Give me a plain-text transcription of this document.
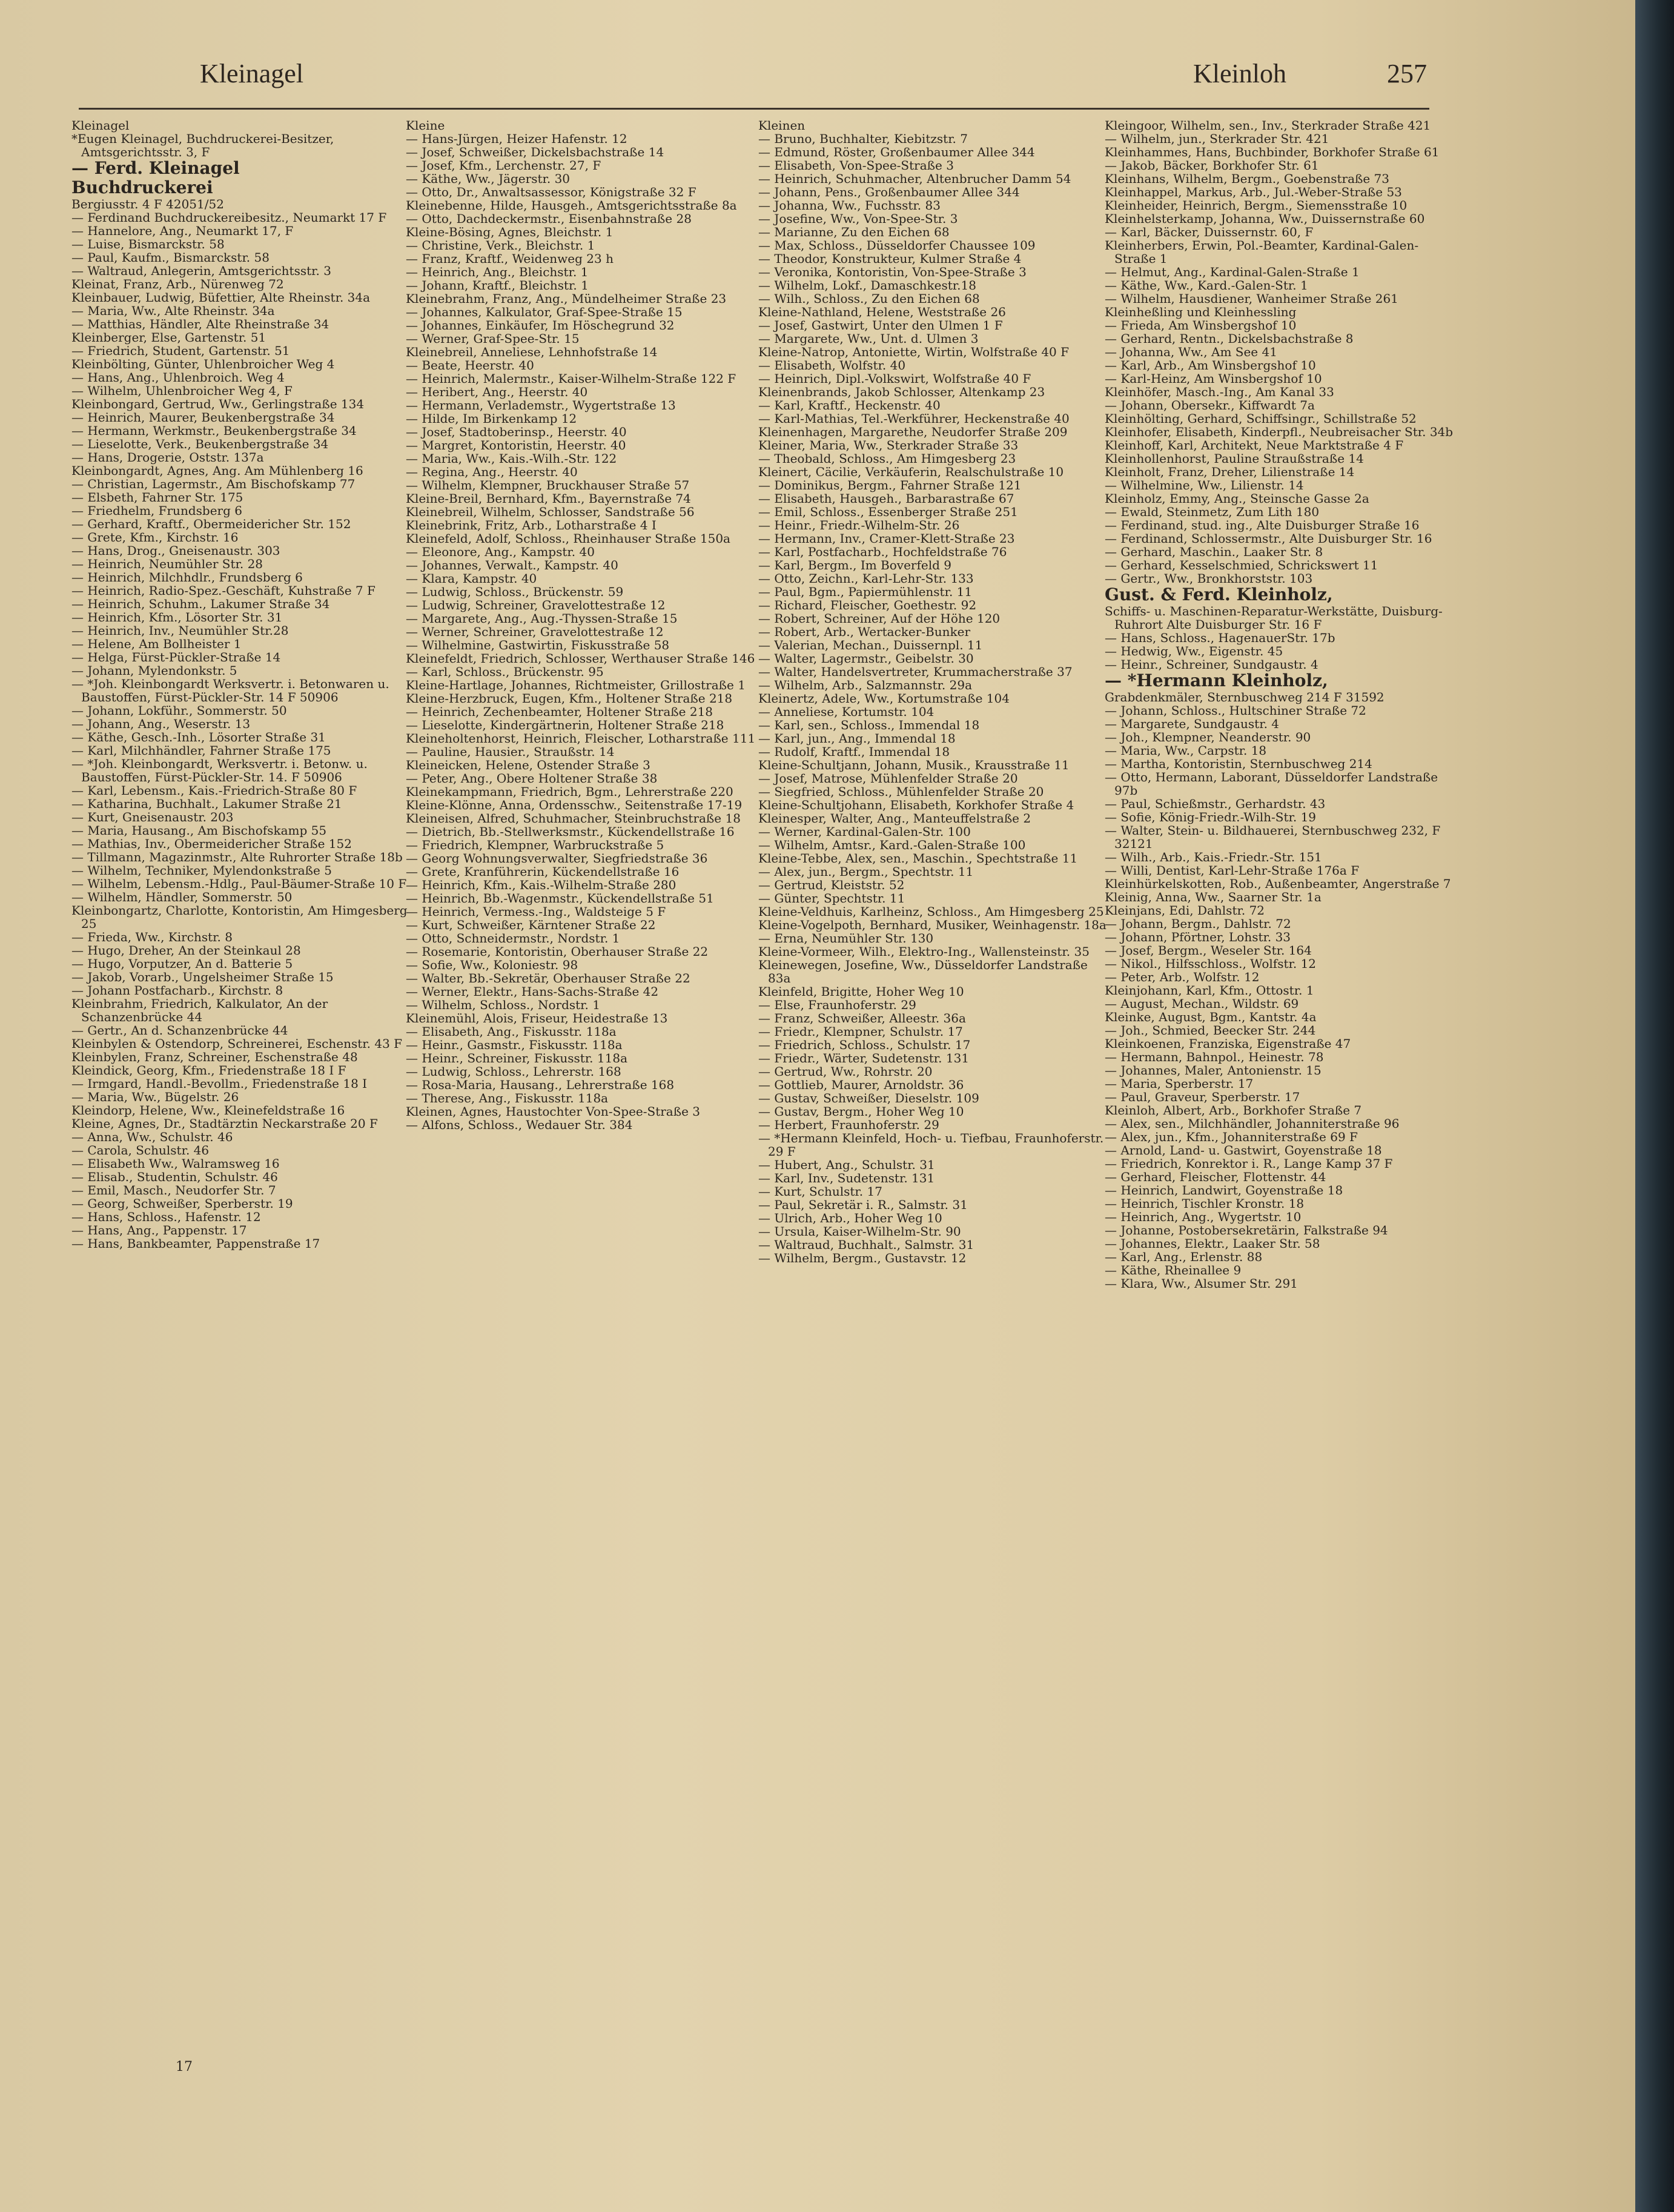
Kleinagel	Kleinloh	257

Kleinagel

*Eugen Kleinagel, Buchdruckerei-Besitzer, Amtsgerichtsstr. 3, F

— Ferd. Kleinagel

Buchdruckerei

Bergiusstr. 4 F 42051/52

— Ferdinand Buchdruckereibesitz., Neumarkt 17 F

— Hannelore, Ang., Neumarkt 17, F

— Luise, Bismarckstr. 58

— Paul, Kaufm., Bismarckstr. 58

— Waltraud, Anlegerin, Amtsgerichtsstr. 3

Kleinat, Franz, Arb., Nürenweg 72

Kleinbauer, Ludwig, Büfettier, Alte Rheinstr. 34a

— Maria, Ww., Alte Rheinstr. 34a

— Matthias, Händler, Alte Rheinstraße 34

Kleinberger, Else, Gartenstr. 51

— Friedrich, Student, Gartenstr. 51

Kleinbölting, Günter, Uhlenbroicher Weg 4

— Hans, Ang., Uhlenbroich. Weg 4

— Wilhelm, Uhlenbroicher Weg 4, F

Kleinbongard, Gertrud, Ww., Gerlingstraße 134

— Heinrich, Maurer, Beukenbergstraße 34

— Hermann, Werkmstr., Beukenbergstraße 34

— Lieselotte, Verk., Beukenbergstraße 34

— Hans, Drogerie, Oststr. 137a

Kleinbongardt, Agnes, Ang. Am Mühlenberg 16

— Christian, Lagermstr., Am Bischofskamp 77

— Elsbeth, Fahrner Str. 175

— Friedhelm, Frundsberg 6

— Gerhard, Kraftf., Obermeidericher Str. 152

— Grete, Kfm., Kirchstr. 16

— Hans, Drog., Gneisenaustr. 303

— Heinrich, Neumühler Str. 28

— Heinrich, Milchhdlr., Frundsberg 6

— Heinrich, Radio-Spez.-Geschäft, Kuhstraße 7 F

— Heinrich, Schuhm., Lakumer Straße 34

— Heinrich, Kfm., Lösorter Str. 31

— Heinrich, Inv., Neumühler Str.28

— Helene, Am Bollheister 1

— Helga, Fürst-Pückler-Straße 14

— Johann, Mylendonkstr. 5

— *Joh. Kleinbongardt Werksvertr. i. Betonwaren u. Baustoffen, Fürst-Pückler-Str. 14 F 50906

— Johann, Lokführ., Sommerstr. 50

— Johann, Ang., Weserstr. 13

— Käthe, Gesch.-Inh., Lösorter Straße 31

— Karl, Milchhändler, Fahrner Straße 175

— *Joh. Kleinbongardt, Werksvertr. i. Betonw. u. Baustoffen, Fürst-Pückler-Str. 14. F 50906

— Karl, Lebensm., Kais.-Friedrich-Straße 80 F

— Katharina, Buchhalt., Lakumer Straße 21

— Kurt, Gneisenaustr. 203

— Maria, Hausang., Am Bischofskamp 55

— Mathias, Inv., Obermeidericher Straße 152

— Tillmann, Magazinmstr., Alte Ruhrorter Straße 18b

— Wilhelm, Techniker, Mylendonkstraße 5

— Wilhelm, Lebensm.-Hdlg., Paul-Bäumer-Straße 10 F

— Wilhelm, Händler, Sommerstr. 50

Kleinbongartz, Charlotte, Kontoristin, Am Himgesberg 25

— Frieda, Ww., Kirchstr. 8

— Hugo, Dreher, An der Steinkaul 28

— Hugo, Vorputzer, An d. Batterie 5

— Jakob, Vorarb., Ungelsheimer Straße 15

— Johann Postfacharb., Kirchstr. 8

Kleinbrahm, Friedrich, Kalkulator, An der Schanzenbrücke 44

— Gertr., An d. Schanzenbrücke 44

Kleinbylen & Ostendorp, Schreinerei, Eschenstr. 43 F

Kleinbylen, Franz, Schreiner, Eschenstraße 48

Kleindick, Georg, Kfm., Friedenstraße 18 I F

— Irmgard, Handl.-Bevollm., Friedenstraße 18 I

— Maria, Ww., Bügelstr. 26

Kleindorp, Helene, Ww., Kleinefeldstraße 16

Kleine, Agnes, Dr., Stadtärztin Neckarstraße 20 F

— Anna, Ww., Schulstr. 46

— Carola, Schulstr. 46

— Elisabeth Ww., Walramsweg 16

— Elisab., Studentin, Schulstr. 46

— Emil, Masch., Neudorfer Str. 7

— Georg, Schweißer, Sperberstr. 19

— Hans, Schloss., Hafenstr. 12

— Hans, Ang., Pappenstr. 17

— Hans, Bankbeamter, Pappenstraße 17

Kleine

— Hans-Jürgen, Heizer Hafenstr. 12

— Josef, Schweißer, Dickelsbachstraße 14

— Josef, Kfm., Lerchenstr. 27, F

— Käthe, Ww., Jägerstr. 30

— Otto, Dr., Anwaltsassessor, Königstraße 32 F

Kleinebenne, Hilde, Hausgeh., Amtsgerichtsstraße 8a

— Otto, Dachdeckermstr., Eisenbahnstraße 28

Kleine-Bösing, Agnes, Bleichstr. 1

— Christine, Verk., Bleichstr. 1

— Franz, Kraftf., Weidenweg 23 h

— Heinrich, Ang., Bleichstr. 1

— Johann, Kraftf., Bleichstr. 1

Kleinebrahm, Franz, Ang., Mündelheimer Straße 23

— Johannes, Kalkulator, Graf-Spee-Straße 15

— Johannes, Einkäufer, Im Höschegrund 32

— Werner, Graf-Spee-Str. 15

Kleinebreil, Anneliese, Lehnhofstraße 14

— Beate, Heerstr. 40

— Heinrich, Malermstr., Kaiser-Wilhelm-Straße 122 F

— Heribert, Ang., Heerstr. 40

— Hermann, Verlademstr., Wygertstraße 13

— Hilde, Im Birkenkamp 12

— Josef, Stadtoberinsp., Heerstr. 40

— Margret, Kontoristin, Heerstr. 40

— Maria, Ww., Kais.-Wilh.-Str. 122

— Regina, Ang., Heerstr. 40

— Wilhelm, Klempner, Bruckhauser Straße 57

Kleine-Breil, Bernhard, Kfm., Bayernstraße 74

Kleinebreil, Wilhelm, Schlosser, Sandstraße 56

Kleinebrink, Fritz, Arb., Lotharstraße 4 I

Kleinefeld, Adolf, Schloss., Rheinhauser Straße 150a

— Eleonore, Ang., Kampstr. 40

— Johannes, Verwalt., Kampstr. 40

— Klara, Kampstr. 40

— Ludwig, Schloss., Brückenstr. 59

— Ludwig, Schreiner, Gravelottestraße 12

— Margarete, Ang., Aug.-Thyssen-Straße 15

— Werner, Schreiner, Gravelottestraße 12

— Wilhelmine, Gastwirtin, Fiskusstraße 58

Kleinefeldt, Friedrich, Schlosser, Werthauser Straße 146

— Karl, Schloss., Brückenstr. 95

Kleine-Hartlage, Johannes, Richtmeister, Grillostraße 1

Kleine-Herzbruck, Eugen, Kfm., Holtener Straße 218

— Heinrich, Zechenbeamter, Holtener Straße 218

— Lieselotte, Kindergärtnerin, Holtener Straße 218

Kleineholtenhorst, Heinrich, Fleischer, Lotharstraße 111

— Pauline, Hausier., Straußstr. 14

Kleineicken, Helene, Ostender Straße 3

— Peter, Ang., Obere Holtener Straße 38

Kleinekampmann, Friedrich, Bgm., Lehrerstraße 220

Kleine-Klönne, Anna, Ordensschw., Seitenstraße 17-19

Kleineisen, Alfred, Schuhmacher, Steinbruchstraße 18

— Dietrich, Bb.-Stellwerksmstr., Kückendellstraße 16

— Friedrich, Klempner, Warbruckstraße 5

— Georg Wohnungsverwalter, Siegfriedstraße 36

— Grete, Kranführerin, Kückendellstraße 16

— Heinrich, Kfm., Kais.-Wilhelm-Straße 280

— Heinrich, Bb.-Wagenmstr., Kückendellstraße 51

— Heinrich, Vermess.-Ing., Waldsteige 5 F

— Kurt, Schweißer, Kärntener Straße 22

— Otto, Schneidermstr., Nordstr. 1

— Rosemarie, Kontoristin, Oberhauser Straße 22

— Sofie, Ww., Koloniestr. 98

— Walter, Bb.-Sekretär, Oberhauser Straße 22

— Werner, Elektr., Hans-Sachs-Straße 42

— Wilhelm, Schloss., Nordstr. 1

Kleinemühl, Alois, Friseur, Heidestraße 13

— Elisabeth, Ang., Fiskusstr. 118a

— Heinr., Gasmstr., Fiskusstr. 118a

— Heinr., Schreiner, Fiskusstr. 118a

— Ludwig, Schloss., Lehrerstr. 168

— Rosa-Maria, Hausang., Lehrerstraße 168

— Therese, Ang., Fiskusstr. 118a

Kleinen, Agnes, Haustochter Von-Spee-Straße 3

— Alfons, Schloss., Wedauer Str. 384

Kleinen

— Bruno, Buchhalter, Kiebitzstr. 7

— Edmund, Röster, Großenbaumer Allee 344

— Elisabeth, Von-Spee-Straße 3

— Heinrich, Schuhmacher, Altenbrucher Damm 54

— Johann, Pens., Großenbaumer Allee 344

— Johanna, Ww., Fuchsstr. 83

— Josefine, Ww., Von-Spee-Str. 3

— Marianne, Zu den Eichen 68

— Max, Schloss., Düsseldorfer Chaussee 109

— Theodor, Konstrukteur, Kulmer Straße 4

— Veronika, Kontoristin, Von-Spee-Straße 3

— Wilhelm, Lokf., Damaschkestr.18

— Wilh., Schloss., Zu den Eichen 68

Kleine-Nathland, Helene, Weststraße 26

— Josef, Gastwirt, Unter den Ulmen 1 F

— Margarete, Ww., Unt. d. Ulmen 3

Kleine-Natrop, Antoniette, Wirtin, Wolfstraße 40 F

— Elisabeth, Wolfstr. 40

— Heinrich, Dipl.-Volkswirt, Wolfstraße 40 F

Kleinenbrands, Jakob Schlosser, Altenkamp 23

— Karl, Kraftf., Heckenstr. 40

— Karl-Mathias, Tel.-Werkführer, Heckenstraße 40

Kleinenhagen, Margarethe, Neudorfer Straße 209

Kleiner, Maria, Ww., Sterkrader Straße 33

— Theobald, Schloss., Am Himgesberg 23

Kleinert, Cäcilie, Verkäuferin, Realschulstraße 10

— Dominikus, Bergm., Fahrner Straße 121

— Elisabeth, Hausgeh., Barbarastraße 67

— Emil, Schloss., Essenberger Straße 251

— Heinr., Friedr.-Wilhelm-Str. 26

— Hermann, Inv., Cramer-Klett-Straße 23

— Karl, Postfacharb., Hochfeldstraße 76

— Karl, Bergm., Im Boverfeld 9

— Otto, Zeichn., Karl-Lehr-Str. 133

— Paul, Bgm., Papiermühlenstr. 11

— Richard, Fleischer, Goethestr. 92

— Robert, Schreiner, Auf der Höhe 120

— Robert, Arb., Wertacker-Bunker

— Valerian, Mechan., Duissernpl. 11

— Walter, Lagermstr., Geibelstr. 30

— Walter, Handelsvertreter, Krummacherstraße 37

— Wilhelm, Arb., Salzmannstr. 29a

Kleinertz, Adele, Ww., Kortumstraße 104

— Anneliese, Kortumstr. 104

— Karl, sen., Schloss., Immendal 18

— Karl, jun., Ang., Immendal 18

— Rudolf, Kraftf., Immendal 18

Kleine-Schultjann, Johann, Musik., Krausstraße 11

— Josef, Matrose, Mühlenfelder Straße 20

— Siegfried, Schloss., Mühlenfelder Straße 20

Kleine-Schultjohann, Elisabeth, Korkhofer Straße 4

Kleinesper, Walter, Ang., Manteuffelstraße 2

— Werner, Kardinal-Galen-Str. 100

— Wilhelm, Amtsr., Kard.-Galen-Straße 100

Kleine-Tebbe, Alex, sen., Maschin., Spechtstraße 11

— Alex, jun., Bergm., Spechtstr. 11

— Gertrud, Kleiststr. 52

— Günter, Spechtstr. 11

Kleine-Veldhuis, Karlheinz, Schloss., Am Himgesberg 25

Kleine-Vogelpoth, Bernhard, Musiker, Weinhagenstr. 18a

— Erna, Neumühler Str. 130

Kleine-Vormeer, Wilh., Elektro-Ing., Wallensteinstr. 35

Kleinewegen, Josefine, Ww., Düsseldorfer Landstraße 83a

Kleinfeld, Brigitte, Hoher Weg 10

— Else, Fraunhoferstr. 29

— Franz, Schweißer, Alleestr. 36a

— Friedr., Klempner, Schulstr. 17

— Friedrich, Schloss., Schulstr. 17

— Friedr., Wärter, Sudetenstr. 131

— Gertrud, Ww., Rohrstr. 20

— Gottlieb, Maurer, Arnoldstr. 36

— Gustav, Schweißer, Dieselstr. 109

— Gustav, Bergm., Hoher Weg 10

— Herbert, Fraunhoferstr. 29

— *Hermann Kleinfeld, Hoch- u. Tiefbau, Fraunhoferstr. 29 F

— Hubert, Ang., Schulstr. 31

— Karl, Inv., Sudetenstr. 131

— Kurt, Schulstr. 17

— Paul, Sekretär i. R., Salmstr. 31

— Ulrich, Arb., Hoher Weg 10

— Ursula, Kaiser-Wilhelm-Str. 90

— Waltraud, Buchhalt., Salmstr. 31

— Wilhelm, Bergm., Gustavstr. 12

Kleingoor, Wilhelm, sen., Inv., Sterkrader Straße 421

— Wilhelm, jun., Sterkrader Str. 421

Kleinhammes, Hans, Buchbinder, Borkhofer Straße 61

— Jakob, Bäcker, Borkhofer Str. 61

Kleinhans, Wilhelm, Bergm., Goebenstraße 73

Kleinhappel, Markus, Arb., Jul.-Weber-Straße 53

Kleinheider, Heinrich, Bergm., Siemensstraße 10

Kleinhelsterkamp, Johanna, Ww., Duissernstraße 60

— Karl, Bäcker, Duissernstr. 60, F

Kleinherbers, Erwin, Pol.-Beamter, Kardinal-Galen-Straße 1

— Helmut, Ang., Kardinal-Galen-Straße 1

— Käthe, Ww., Kard.-Galen-Str. 1

— Wilhelm, Hausdiener, Wanheimer Straße 261

Kleinheßling und Kleinhessling

— Frieda, Am Winsbergshof 10

— Gerhard, Rentn., Dickelsbachstraße 8

— Johanna, Ww., Am See 41

— Karl, Arb., Am Winsbergshof 10

— Karl-Heinz, Am Winsbergshof 10

Kleinhöfer, Masch.-Ing., Am Kanal 33

— Johann, Obersekr., Kiffwardt 7a

Kleinhölting, Gerhard, Schiffsingr., Schillstraße 52

Kleinhofer, Elisabeth, Kinderpfl., Neubreisacher Str. 34b

Kleinhoff, Karl, Architekt, Neue Marktstraße 4 F

Kleinhollenhorst, Pauline Straußstraße 14

Kleinholt, Franz, Dreher, Lilienstraße 14

— Wilhelmine, Ww., Lilienstr. 14

Kleinholz, Emmy, Ang., Steinsche Gasse 2a

— Ewald, Steinmetz, Zum Lith 180

— Ferdinand, stud. ing., Alte Duisburger Straße 16

— Ferdinand, Schlossermstr., Alte Duisburger Str. 16

— Gerhard, Maschin., Laaker Str. 8

— Gerhard, Kesselschmied, Schrickswert 11

— Gertr., Ww., Bronkhorststr. 103

Gust. & Ferd. Kleinholz,

Schiffs- u. Maschinen-Reparatur-Werkstätte, Duisburg-Ruhrort Alte Duisburger Str. 16 F

— Hans, Schloss., HagenauerStr. 17b

— Hedwig, Ww., Eigenstr. 45

— Heinr., Schreiner, Sundgaustr. 4

— *Hermann Kleinholz,

Grabdenkmäler, Sternbuschweg 214 F 31592

— Johann, Schloss., Hultschiner Straße 72

— Margarete, Sundgaustr. 4

— Joh., Klempner, Neanderstr. 90

— Maria, Ww., Carpstr. 18

— Martha, Kontoristin, Sternbuschweg 214

— Otto, Hermann, Laborant, Düsseldorfer Landstraße 97b

— Paul, Schießmstr., Gerhardstr. 43

— Sofie, König-Friedr.-Wilh-Str. 19

— Walter, Stein- u. Bildhauerei, Sternbuschweg 232, F 32121

— Wilh., Arb., Kais.-Friedr.-Str. 151

— Willi, Dentist, Karl-Lehr-Straße 176a F

Kleinhürkelskotten, Rob., Außenbeamter, Angerstraße 7

Kleinig, Anna, Ww., Saarner Str. 1a

Kleinjans, Edi, Dahlstr. 72

— Johann, Bergm., Dahlstr. 72

— Johann, Pförtner, Lohstr. 33

— Josef, Bergm., Weseler Str. 164

— Nikol., Hilfsschloss., Wolfstr. 12

— Peter, Arb., Wolfstr. 12

Kleinjohann, Karl, Kfm., Ottostr. 1

— August, Mechan., Wildstr. 69

Kleinke, August, Bgm., Kantstr. 4a

— Joh., Schmied, Beecker Str. 244

Kleinkoenen, Franziska, Eigenstraße 47

— Hermann, Bahnpol., Heinestr. 78

— Johannes, Maler, Antonienstr. 15

— Maria, Sperberstr. 17

— Paul, Graveur, Sperberstr. 17

Kleinloh, Albert, Arb., Borkhofer Straße 7

— Alex, sen., Milchhändler, Johanniterstraße 96

— Alex, jun., Kfm., Johanniterstraße 69 F

— Arnold, Land- u. Gastwirt, Goyenstraße 18

— Friedrich, Konrektor i. R., Lange Kamp 37 F

— Gerhard, Fleischer, Flottenstr. 44

— Heinrich, Landwirt, Goyenstraße 18

— Heinrich, Tischler Kronstr. 18

— Heinrich, Ang., Wygertstr. 10

— Johanne, Postobersekretärin, Falkstraße 94

— Johannes, Elektr., Laaker Str. 58

— Karl, Ang., Erlenstr. 88

— Käthe, Rheinallee 9

— Klara, Ww., Alsumer Str. 291

17
